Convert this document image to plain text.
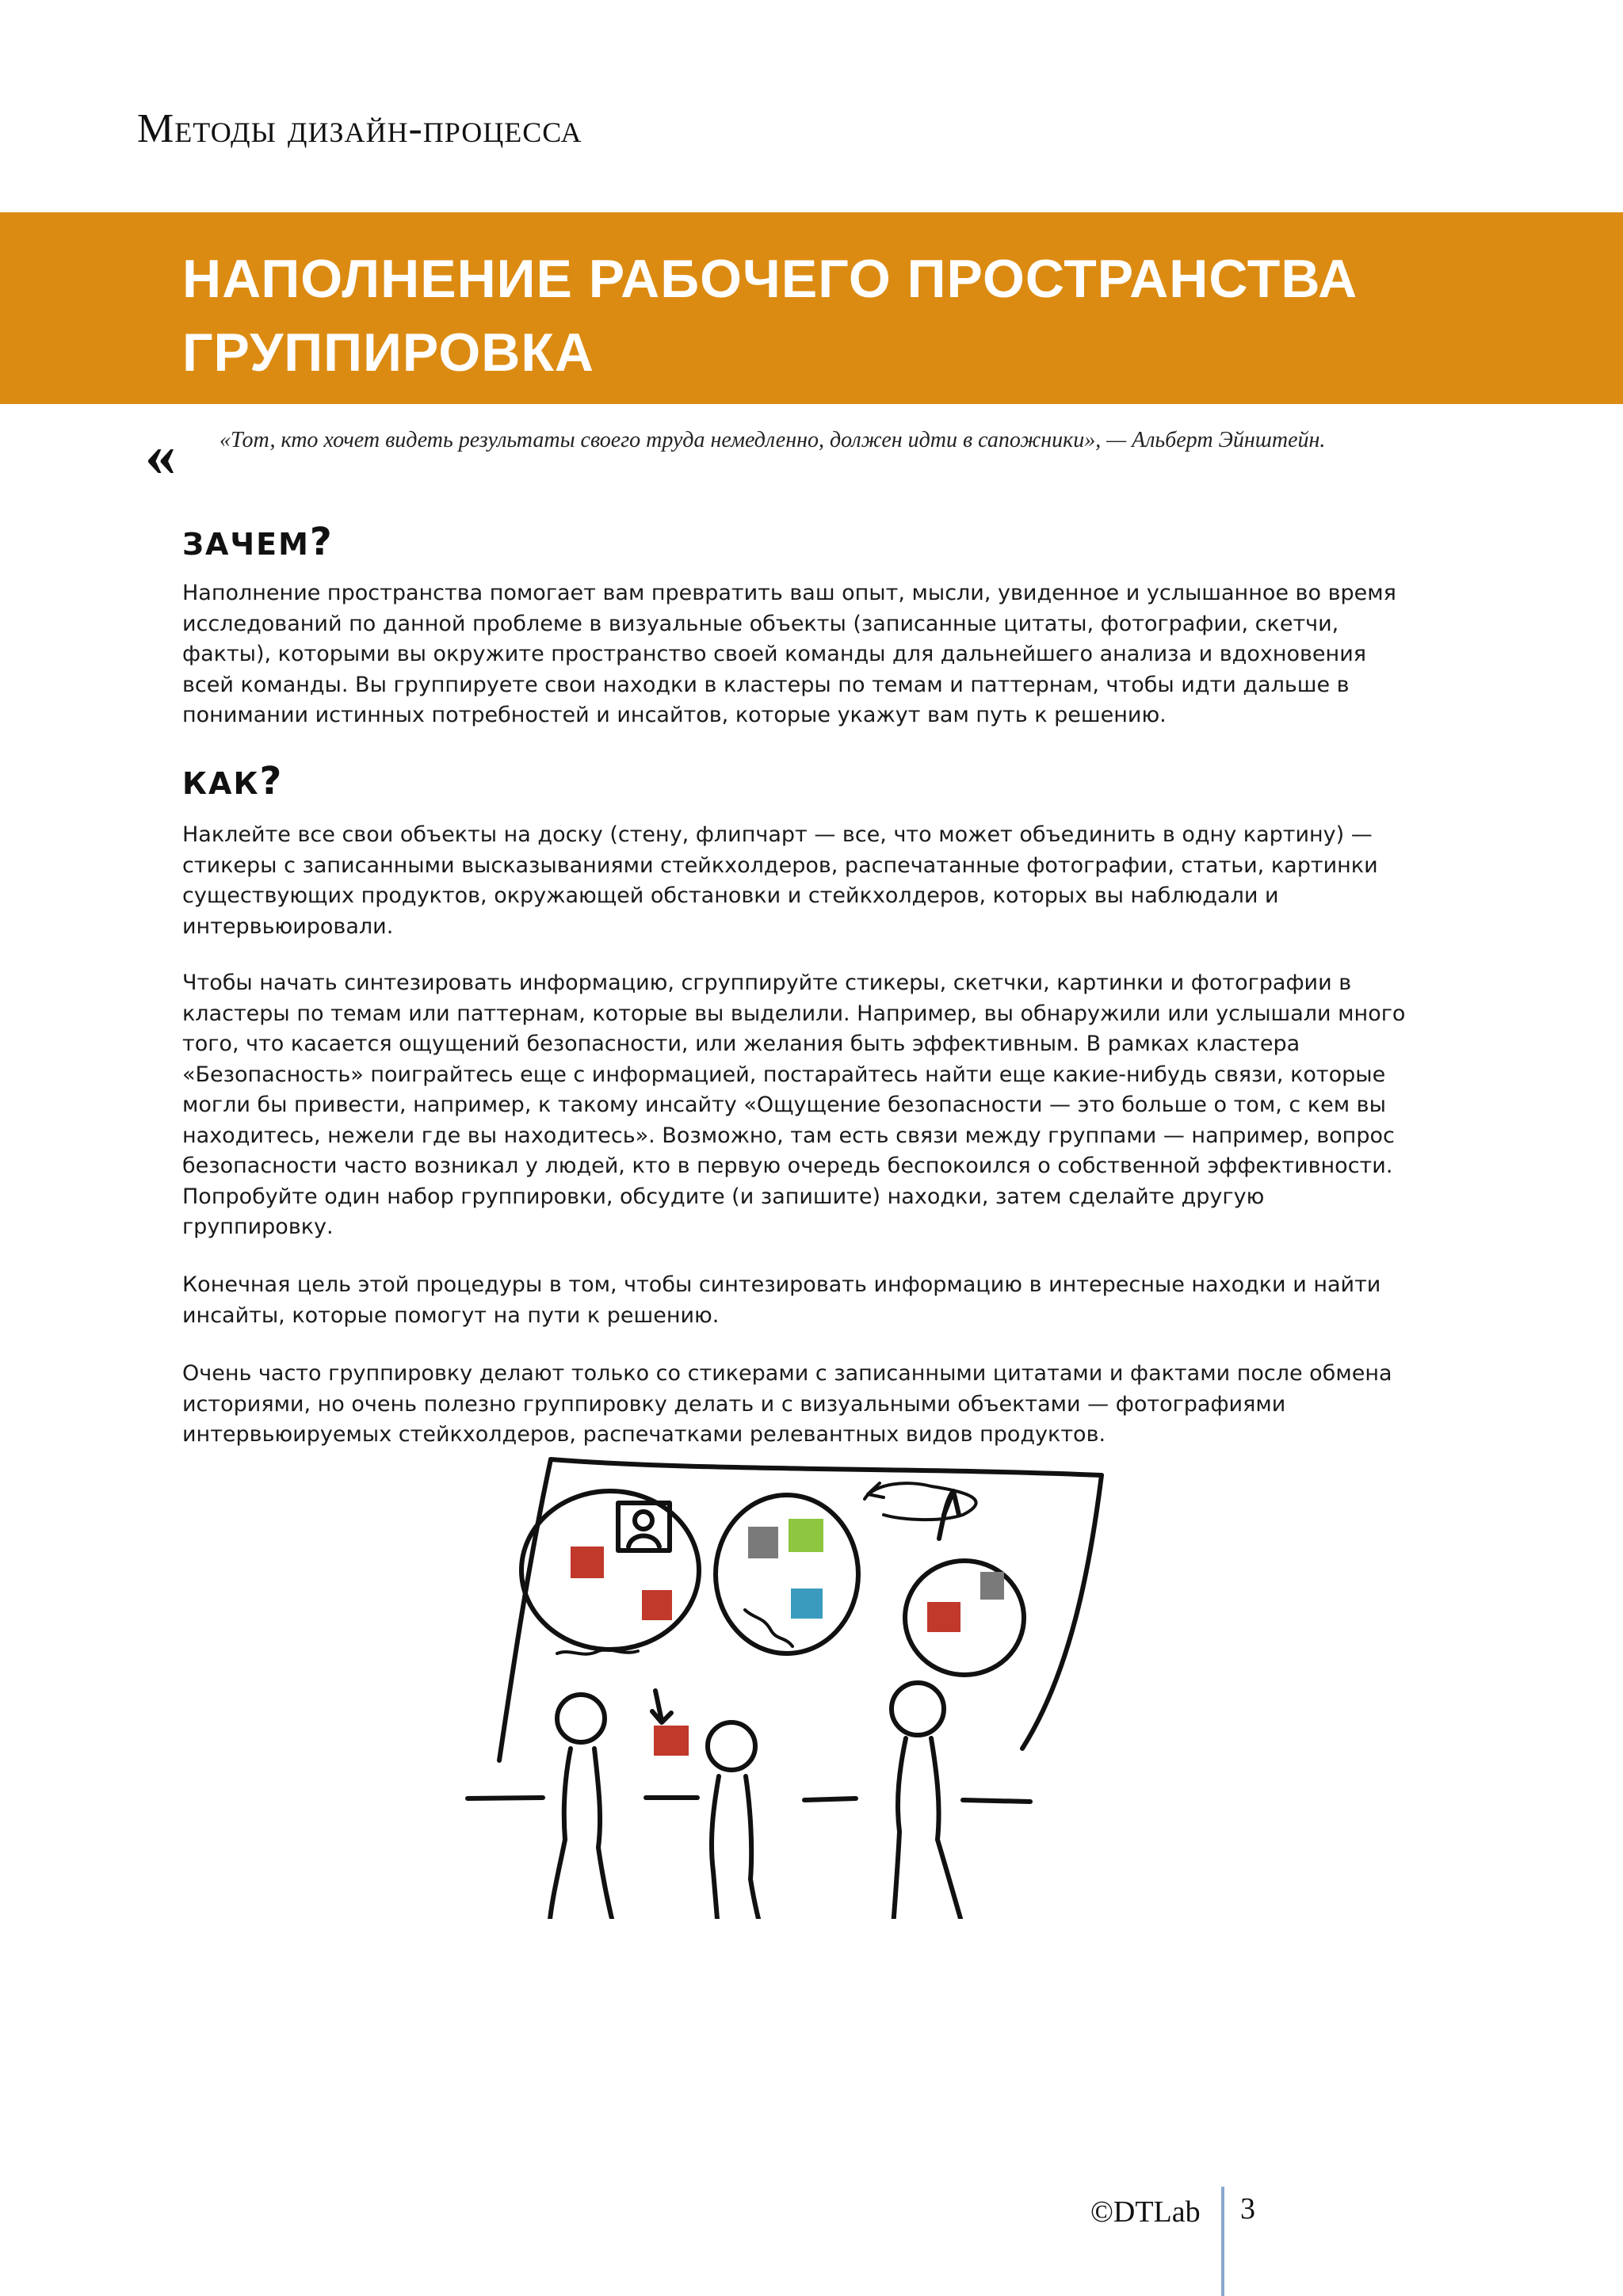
Методы дизайн-процесса
НАПОЛНЕНИЕ РАБОЧЕГО ПРОСТРАНСТВА
ГРУППИРОВКА
« «Тот, кто хочет видеть результаты своего труда немедленно, должен идти в сапожники», — Альберт Эйнштейн.
ЗАЧЕМ?
Наполнение пространства помогает вам превратить ваш опыт, мысли, увиденное и услышанное во время исследований по данной проблеме в визуальные объекты (записанные цитаты, фотографии, скетчи, факты), которыми вы окружите пространство своей команды для дальнейшего анализа и вдохновения всей команды. Вы группируете свои находки в кластеры по темам и паттернам, чтобы идти дальше в понимании истинных потребностей и инсайтов, которые укажут вам путь к решению.
КАК?
Наклейте все свои объекты на доску (стену, флипчарт — все, что может объединить в одну картину) — стикеры с записанными высказываниями стейкхолдеров, распечатанные фотографии, статьи, картинки существующих продуктов, окружающей обстановки и стейкхолдеров, которых вы наблюдали и интервьюировали.
Чтобы начать синтезировать информацию, сгруппируйте стикеры, скетчки, картинки и фотографии в кластеры по темам или паттернам, которые вы выделили. Например, вы обнаружили или услышали много того, что касается ощущений безопасности, или желания быть эффективным. В рамках кластера «Безопасность» поиграйтесь еще с информацией, постарайтесь найти еще какие-нибудь связи, которые могли бы привести, например, к такому инсайту «Ощущение безопасности — это больше о том, с кем вы находитесь, нежели где вы находитесь». Возможно, там есть связи между группами — например, вопрос безопасности часто возникал у людей, кто в первую очередь беспокоился о собственной эффективности. Попробуйте один набор группировки, обсудите (и запишите) находки, затем сделайте другую группировку.
Конечная цель этой процедуры в том, чтобы синтезировать информацию в интересные находки и найти инсайты, которые помогут на пути к решению.
Очень часто группировку делают только со стикерами с записанными цитатами и фактами после обмена историями, но очень полезно группировку делать и с визуальными объектами — фотографиями интервьюируемых стейкхолдеров, распечатками релевантных видов продуктов.
©DTLab 3
